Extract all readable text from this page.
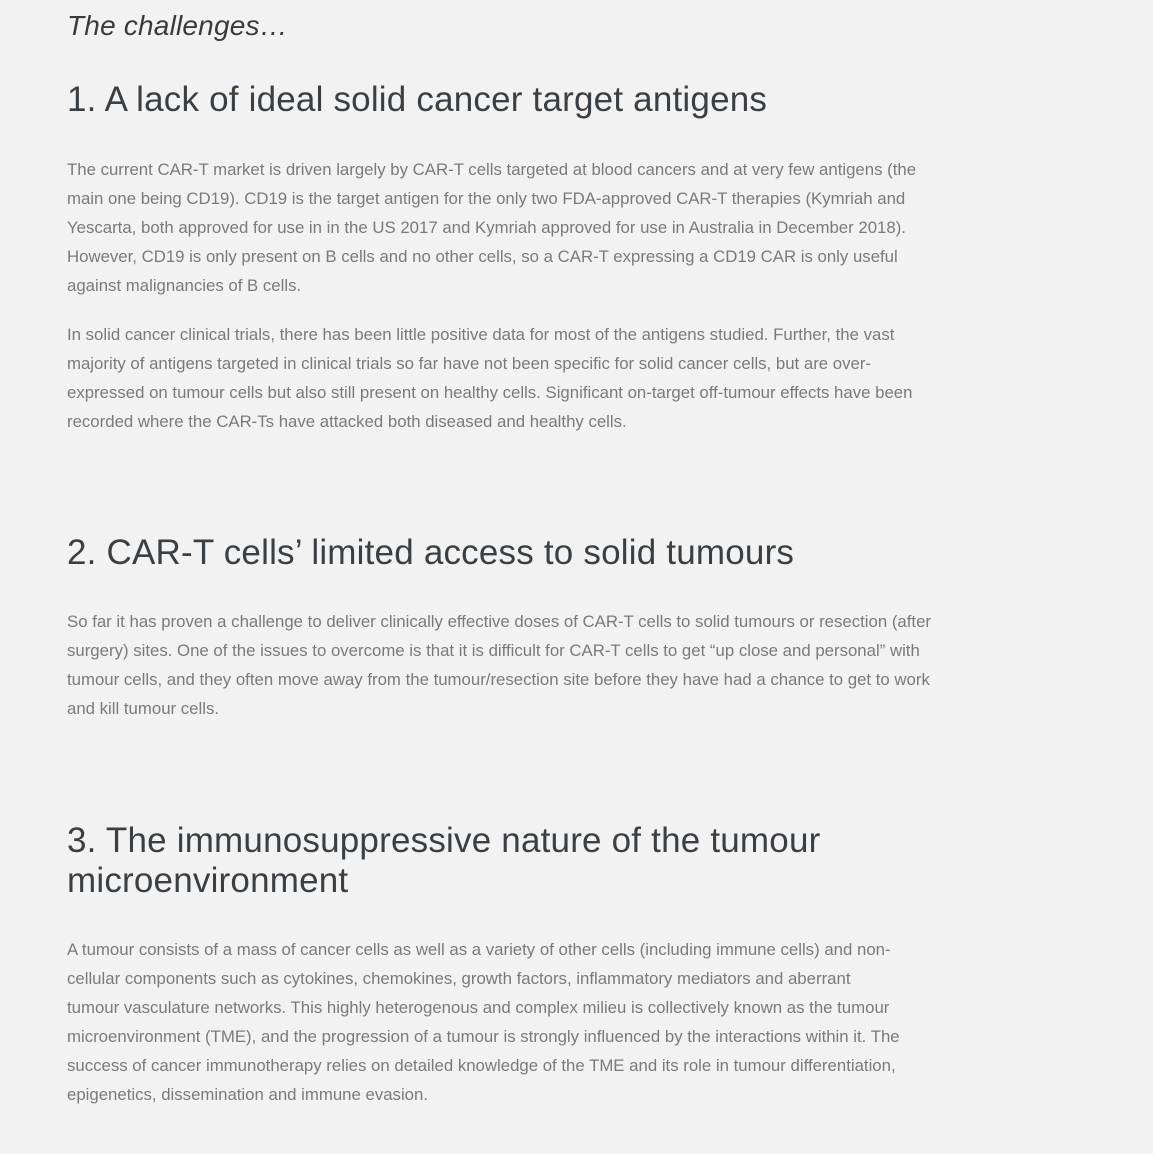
The challenges…
1. A lack of ideal solid cancer target antigens

The current CAR-T market is driven largely by CAR-T cells targeted at blood cancers and at very few antigens (the main one being CD19). CD19 is the target antigen for the only two FDA-approved CAR-T therapies (Kymriah and Yescarta, both approved for use in in the US 2017 and Kymriah approved for use in Australia in December 2018). However, CD19 is only present on B cells and no other cells, so a CAR-T expressing a CD19 CAR is only useful against malignancies of B cells.

In solid cancer clinical trials, there has been little positive data for most of the antigens studied. Further, the vast majority of antigens targeted in clinical trials so far have not been specific for solid cancer cells, but are over-expressed on tumour cells but also still present on healthy cells. Significant on-target off-tumour effects have been recorded where the CAR-Ts have attacked both diseased and healthy cells.

2. CAR-T cells’ limited access to solid tumours

So far it has proven a challenge to deliver clinically effective doses of CAR-T cells to solid tumours or resection (after surgery) sites. One of the issues to overcome is that it is difficult for CAR-T cells to get “up close and personal” with tumour cells, and they often move away from the tumour/resection site before they have had a chance to get to work and kill tumour cells.

3. The immunosuppressive nature of the tumour microenvironment

A tumour consists of a mass of cancer cells as well as a variety of other cells (including immune cells) and non-cellular components such as cytokines, chemokines, growth factors, inflammatory mediators and aberrant tumour vasculature networks. This highly heterogenous and complex milieu is collectively known as the tumour microenvironment (TME), and the progression of a tumour is strongly influenced by the interactions within it. The success of cancer immunotherapy relies on detailed knowledge of the TME and its role in tumour differentiation, epigenetics, dissemination and immune evasion.
